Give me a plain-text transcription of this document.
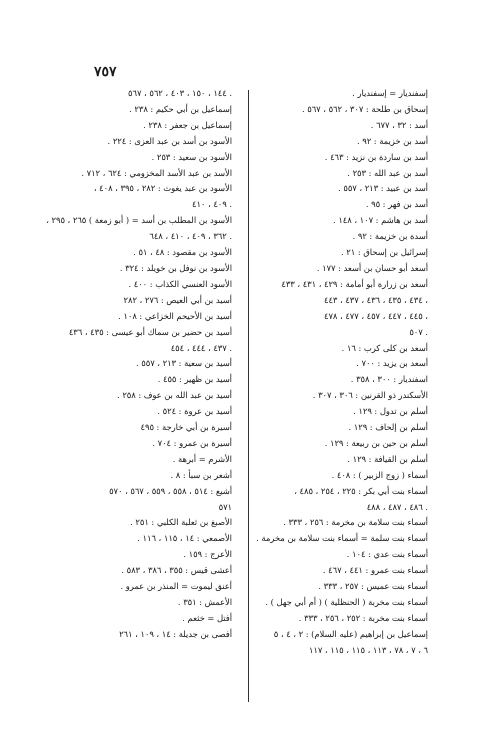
٧٥٧
إسفنديار = إسفنديار .
إسحاق بن طلحة : ٣٠٧ ، ٥٦٢ ، ٥٦٧ .
أسد : ٣٢ ، ٦٧٧ .
أسد بن خزيمة : ٩٢ .
أسد بن ساردة بن نزيد : ٤٦٣ .
أسد بن عبد الله : ٢٥٣ .
أسد بن عبيد : ٢١٣ ، ٥٥٧ .
أسد بن فهر : ٩٥ .
أسد بن هاشم : ١٠٧ ، ١٤٨ .
أسدة بن خزيمة : ٩٢ .
إسرائيل بن إسحاق : ٢١ .
أسعد أبو حسان بن أسعد : ١٧٧ .
أسعد بن زرارة أبو أمامة : ٤٢٩ ، ٤٣١ ، ٤٣٣
٤٣٤ ، ٤٣٥ ، ٤٣٦ ، ٤٣٧ ، ٤٤٣ ،
٤٤٥ ، ٤٤٧ ، ٤٥٧ ، ٤٧٧ ، ٤٧٨ ،
٥٠٧ .
أسعد بن كلى كرب : ١٦ .
أسعد بن يزيد : ٧٠٠ .
اسفنديار : ٣٠٠ ، ٣٥٨ .
الأسكندر ذو القرنين : ٣٠٦ ، ٣٠٧ .
أسلم بن تدول : ١٢٩ .
أسلم بن إلحاف : ١٢٩ .
أسلم بن حين بن ربيعة : ١٢٩ .
أسلم بن القيافة : ١٢٩ .
أسماء ( زوج الزبير ) : ٤٠٨ .
أسماء بنت أبي بكر : ٢٢٥ ، ٢٥٤ ، ٤٨٥ ،
٤٨٦ ، ٤٨٧ ، ٤٨٨ .
أسماء بنت سلامة بن مخرمة : ٢٥٦ ، ٣٣٣ .
أسماء بنت سلمة = أسماء بنت سلامة بن مخرمة .
أسماء بنت عدي : ١٠٤ .
أسماء بنت عمرو : ٤٤١ ، ٤٦٧ .
أسماء بنت عميس : ٢٥٧ ، ٣٣٣ .
أسماء بنت مخربة ( الحنظلية ) ( أم أبي جهل ) .
أسماء بنت مخربة : ٢٥٢ ، ٢٥٦ ، ٣٣٣ .
إسماعيل بن إبراهيم (عليه السلام) : ٢ ، ٤ ، ٥
٦ ، ٧ ، ٧٨ ، ١١٣ ، ١١٥ ، ١١٥ ، ١١٧
١٤٤ ، ١٥٠ ، ٤٠٣ ، ٥٦٢ ، ٥٦٧ .
إسماعيل بن أبي حكيم : ٢٣٨ .
إسماعيل بن جعفر : ٢٣٨ .
الأسود بن أسد بن عبد العزى : ٢٢٤ .
الأسود بن سعيد : ٢٥٣ .
الأسد بن عبد الأسد المخزومي : ٦٢٤ ، ٧١٢ .
الأسود بن عبد يغوث : ٢٨٢ ، ٣٩٥ ، ٤٠٨ ،
٤٠٩ ، ٤١٠ .
الأسود بن المطلب بن أسد = ( أبو زمعة ) ٢٦٥ ، ٢٩٥ ،
٣٦٢ ، ٤٠٩ ، ٤١٠ ، ٦٤٨ .
الأسود بن مقصود : ٤٨ ، ٥١ .
الأسود بن نوفل بن خويلد : ٣٢٤ .
الأسود العنسي الكذاب : ٤٠٠ .
أسيد بن أبي العيص : ٢٧٦ ، ٢٨٢
أسيد بن الأحيحم الخزاعي : ١٠٨ .
أسيد بن حضير بن سماك أبو عيسى : ٤٣٥ ، ٤٣٦
٤٣٧ ، ٤٤٤ ، ٤٥٤ .
أسيد بن سعية : ٢١٣ ، ٥٥٧ .
أسيد بن ظهير : ٤٥٥ .
أسيد بن عبد الله بن عوف : ٢٥٨ .
أسيد بن عروة : ٥٢٤ .
أسيرة بن أبي خارجة : ٤٩٥
أسيرة بن عمرو : ٧٠٤ .
الأشرم = أبرهة .
أشعر بن سبأ : ٨ .
أشيع : ٥١٤ ، ٥٥٨ ، ٥٥٩ ، ٥٦٧ ، ٥٧٠
٥٧١
الأصبغ بن ثعلبة الكلبي : ٢٥١ .
الأصمعي : ١٤ ، ١١٥ ، ١١٦ .
الأعرج : ١٥٩ .
أعشى قيس : ٣٥٥ ، ٣٨٦ ، ٥٨٣ .
أعنق ليموت = المنذر بن عمرو .
الأعمش : ٣٥١ .
أفتل = خثعم .
أفصى بن جديلة : ١٤ ، ١٠٩ ، ٢٦١
